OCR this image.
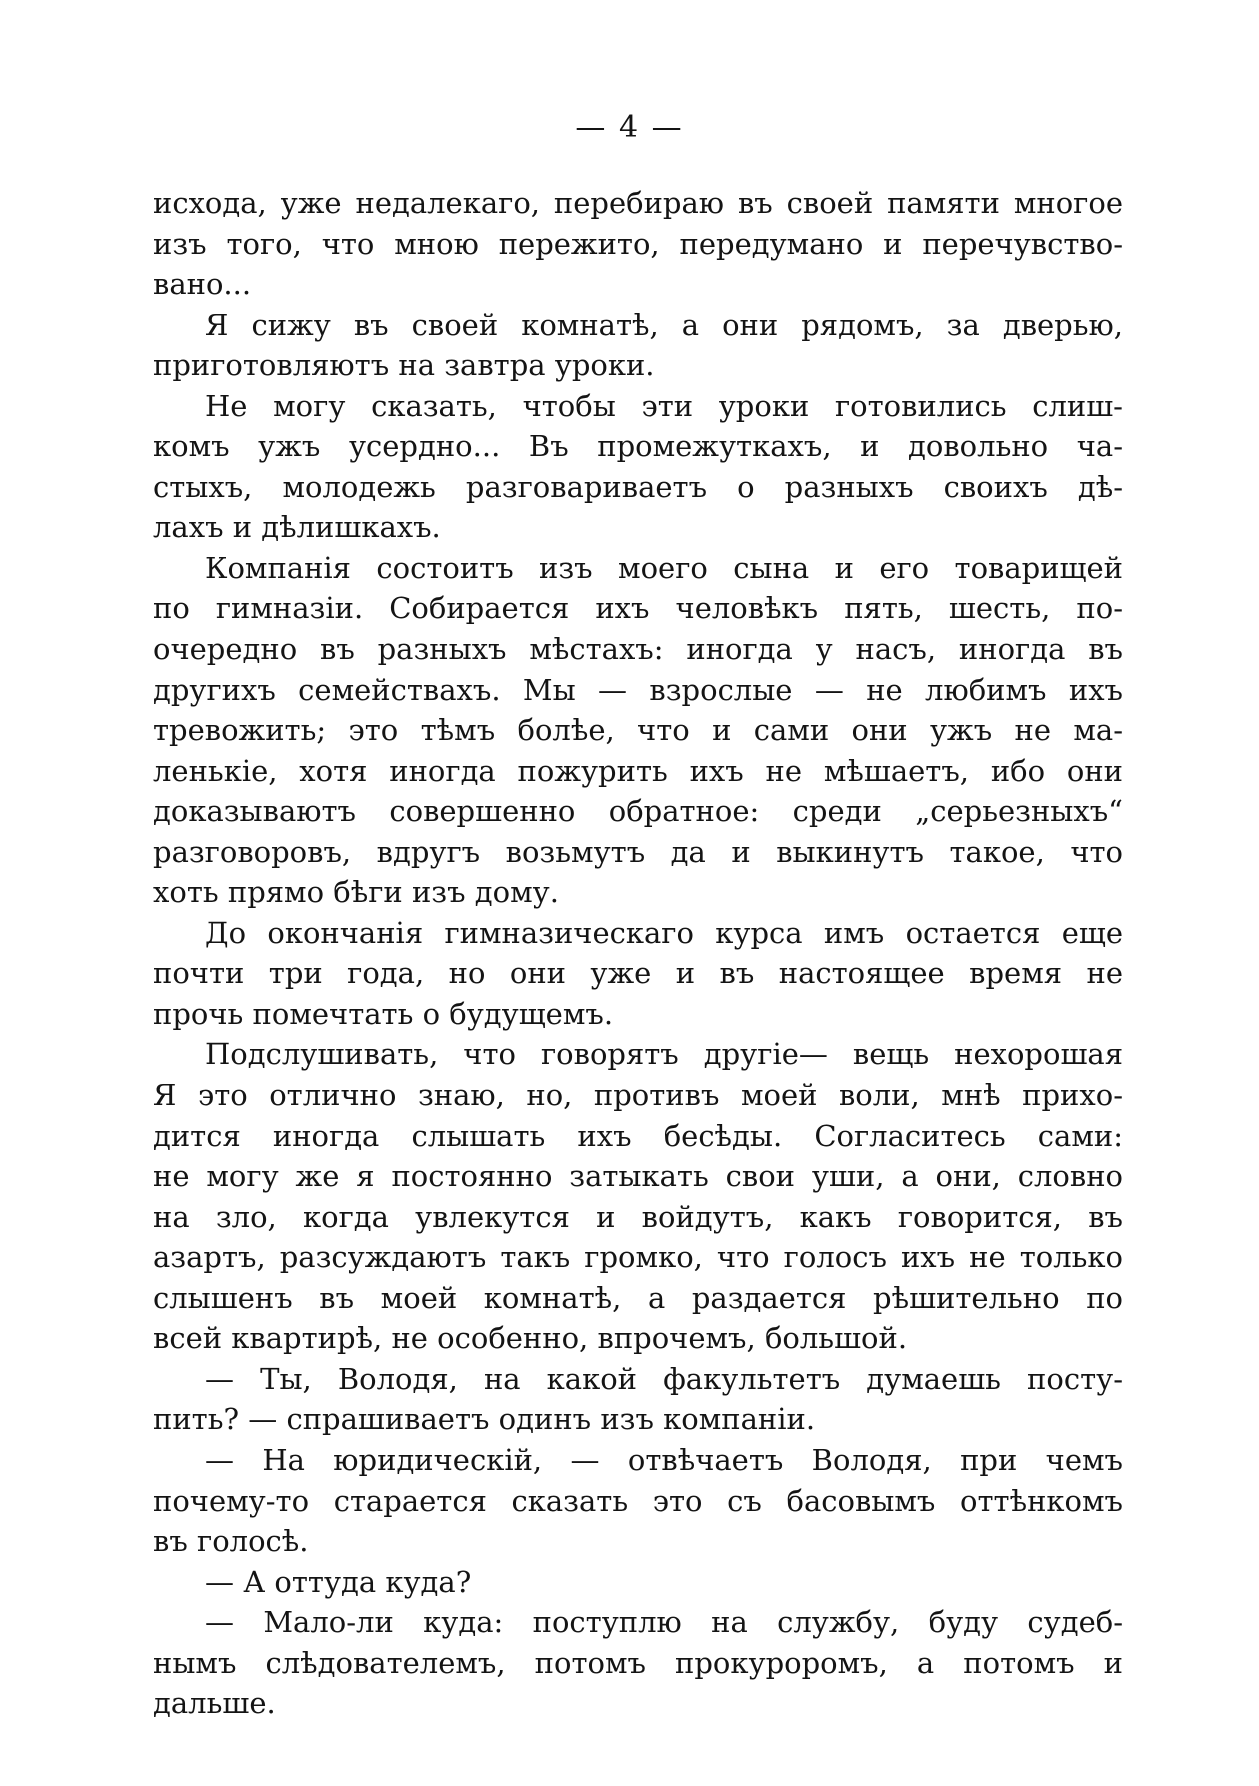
— 4 —
исхода, уже недалекаго, перебираю въ своей памяти многое
изъ того, что мною пережито, передумано и перечувство-
вано...
Я сижу въ своей комнатѣ, а они рядомъ, за дверью,
приготовляютъ на завтра уроки.
Не могу сказать, чтобы эти уроки готовились слиш-
комъ ужъ усердно... Въ промежуткахъ, и довольно ча-
стыхъ, молодежь разговариваетъ о разныхъ своихъ дѣ-
лахъ и дѣлишкахъ.
Компанія состоитъ изъ моего сына и его товарищей
по гимназіи. Собирается ихъ человѣкъ пять, шесть, по-
очередно въ разныхъ мѣстахъ: иногда у насъ, иногда въ
другихъ семействахъ. Мы — взрослые — не любимъ ихъ
тревожить; это тѣмъ болѣе, что и сами они ужъ не ма-
ленькіе, хотя иногда пожурить ихъ не мѣшаетъ, ибо они
доказываютъ совершенно обратное: среди „серьезныхъ“
разговоровъ, вдругъ возьмутъ да и выкинутъ такое, что
хоть прямо бѣги изъ дому.
До окончанія гимназическаго курса имъ остается еще
почти три года, но они уже и въ настоящее время не
прочь помечтать о будущемъ.
Подслушивать, что говорятъ другіе— вещь нехорошая
Я это отлично знаю, но, противъ моей воли, мнѣ прихо-
дится иногда слышать ихъ бесѣды. Согласитесь сами:
не могу же я постоянно затыкать свои уши, а они, словно
на зло, когда увлекутся и войдутъ, какъ говорится, въ
азартъ, разсуждаютъ такъ громко, что голосъ ихъ не только
слышенъ въ моей комнатѣ, а раздается рѣшительно по
всей квартирѣ, не особенно, впрочемъ, большой.
— Ты, Володя, на какой факультетъ думаешь посту-
пить? — спрашиваетъ одинъ изъ компаніи.
— На юридическій, — отвѣчаетъ Володя, при чемъ
почему-то старается сказать это съ басовымъ оттѣнкомъ
въ голосѣ.
— А оттуда куда?
— Мало-ли куда: поступлю на службу, буду судеб-
нымъ слѣдователемъ, потомъ прокуроромъ, а потомъ и
дальше.
